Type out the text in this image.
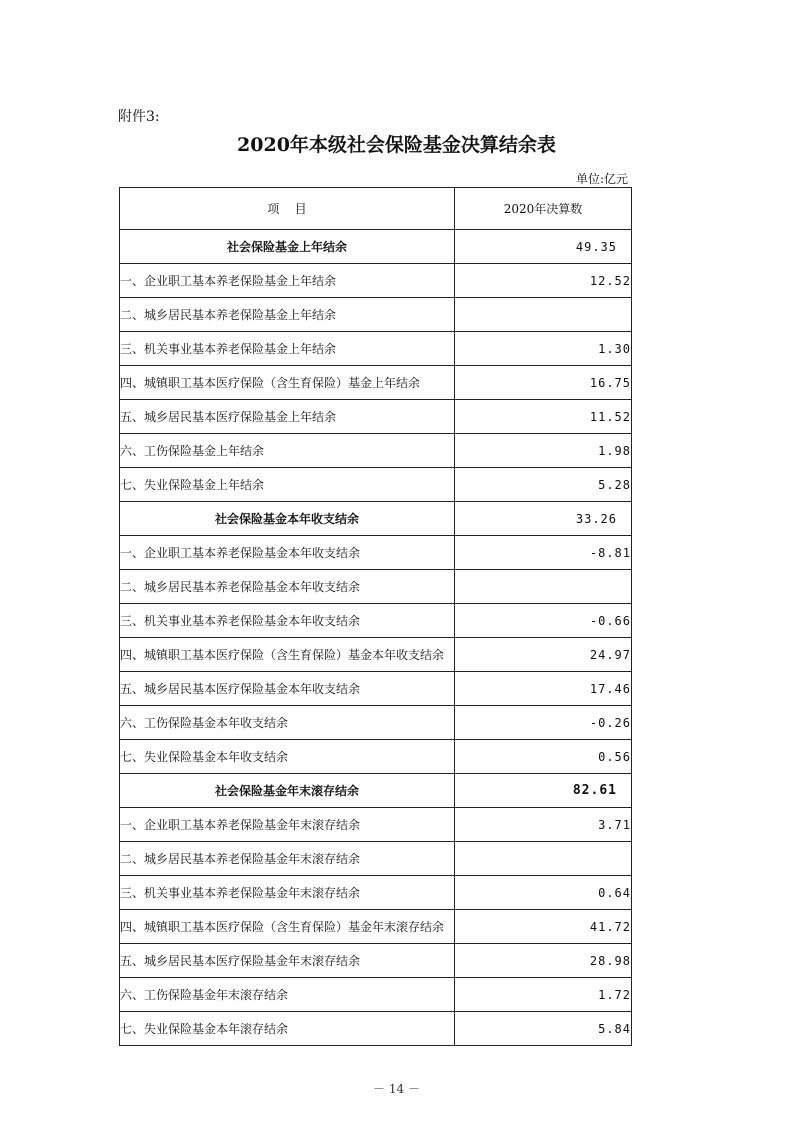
附件3:
2020年本级社会保险基金决算结余表
单位:亿元
项    目	2020年决算数
社会保险基金上年结余	49.35
一、企业职工基本养老保险基金上年结余	12.52
二、城乡居民基本养老保险基金上年结余	
三、机关事业基本养老保险基金上年结余	1.30
四、城镇职工基本医疗保险（含生育保险）基金上年结余	16.75
五、城乡居民基本医疗保险基金上年结余	11.52
六、工伤保险基金上年结余	1.98
七、失业保险基金上年结余	5.28
社会保险基金本年收支结余	33.26
一、企业职工基本养老保险基金本年收支结余	-8.81
二、城乡居民基本养老保险基金本年收支结余	
三、机关事业基本养老保险基金本年收支结余	-0.66
四、城镇职工基本医疗保险（含生育保险）基金本年收支结余	24.97
五、城乡居民基本医疗保险基金本年收支结余	17.46
六、工伤保险基金本年收支结余	-0.26
七、失业保险基金本年收支结余	0.56
社会保险基金年末滚存结余	82.61
一、企业职工基本养老保险基金年末滚存结余	3.71
二、城乡居民基本养老保险基金年末滚存结余	
三、机关事业基本养老保险基金年末滚存结余	0.64
四、城镇职工基本医疗保险（含生育保险）基金年末滚存结余	41.72
五、城乡居民基本医疗保险基金年末滚存结余	28.98
六、工伤保险基金年末滚存结余	1.72
七、失业保险基金本年滚存结余	5.84
－ 14 －
